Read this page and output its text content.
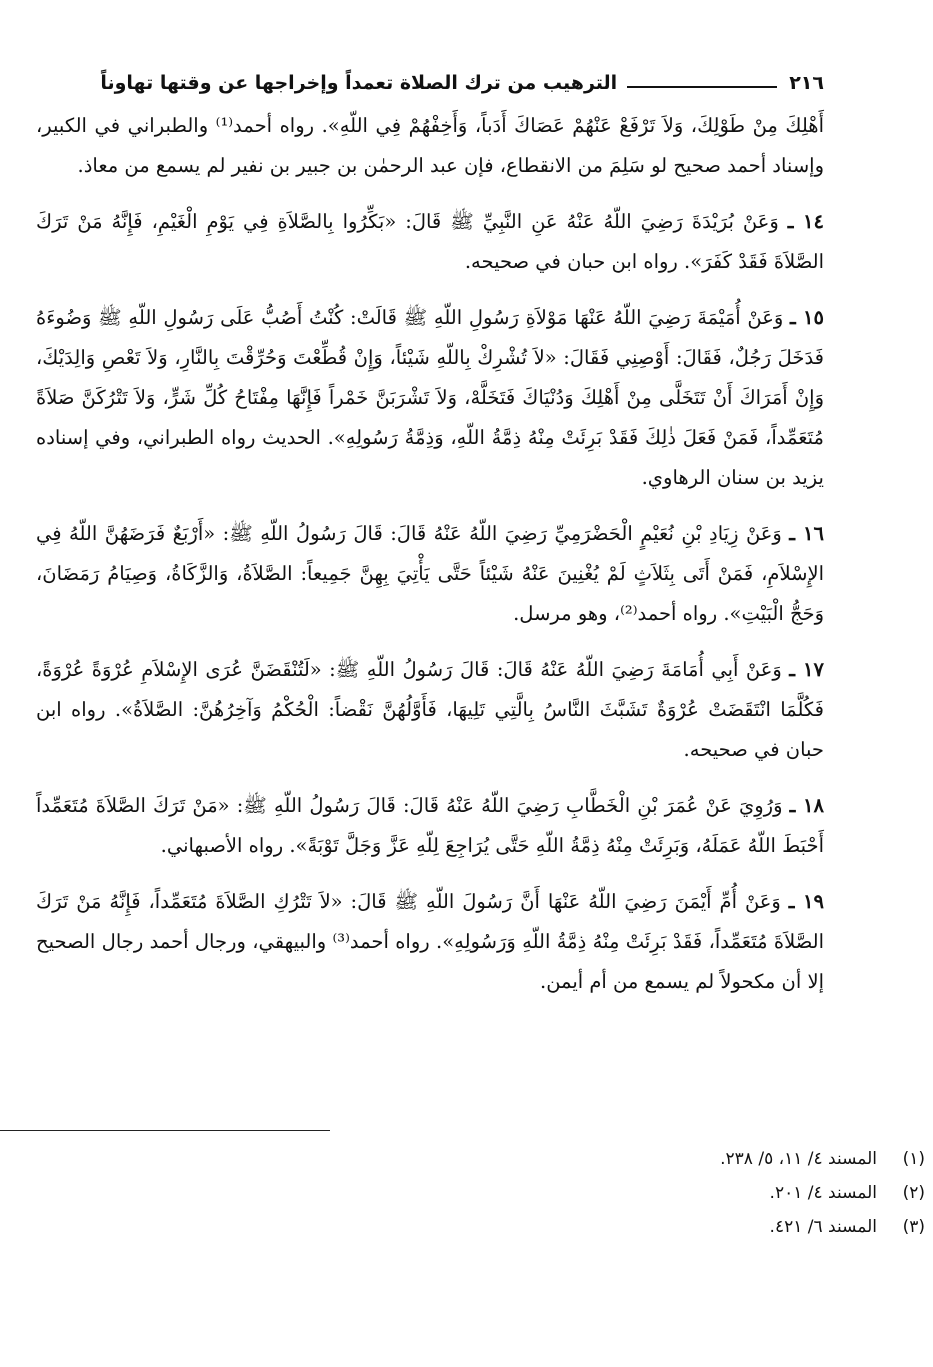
٢١٦
الترهيب من ترك الصلاة تعمداً وإخراجها عن وقتها تهاوناً

أَهْلِكَ مِنْ طَوْلِكَ، وَلاَ تَرْفَعْ عَنْهُمْ عَصَاكَ أَدَباً، وَأَخِفْهُمْ فِي اللّهِ». رواه أحمد⁽¹⁾ والطبراني في الكبير، وإسناد أحمد صحيح لو سَلِمَ من الانقطاع، فإن عبد الرحمٰن بن جبير بن نفير لم يسمع من معاذ.

١٤ ـ وَعَنْ بُرَيْدَةَ رَضِيَ اللّهُ عَنْهُ عَنِ النَّبِيِّ ﷺ قَالَ: «بَكِّرُوا بِالصَّلاَةِ فِي يَوْمِ الْغَيْمِ، فَإِنَّهُ مَنْ تَرَكَ الصَّلاَةَ فَقَدْ كَفَرَ». رواه ابن حبان في صحيحه.

١٥ ـ وَعَنْ أُمَيْمَةَ رَضِيَ اللّهُ عَنْهَا مَوْلاَةِ رَسُولِ اللّهِ ﷺ قَالَتْ: كُنْتُ أَصُبُّ عَلَى رَسُولِ اللّهِ ﷺ وَضُوءَهُ فَدَخَلَ رَجُلٌ، فَقَالَ: أَوْصِنِي فَقَالَ: «لاَ تُشْرِكْ بِاللّهِ شَيْئاً، وَإِنْ قُطِّعْتَ وَحُرِّقْتَ بِالنَّارِ، وَلاَ تَعْصِ وَالِدَيْكَ، وَإِنْ أَمَرَاكَ أَنْ تَتَخَلَّى مِنْ أَهْلِكَ وَدُنْيَاكَ فَتَخَلَّهْ، وَلاَ تَشْرَبَنَّ خَمْراً فَإِنَّهَا مِفْتَاحُ كُلِّ شَرٍّ، وَلاَ تَتْرُكَنَّ صَلاَةً مُتَعَمِّداً، فَمَنْ فَعَلَ ذٰلِكَ فَقَدْ بَرِئَتْ مِنْهُ ذِمَّةُ اللّهِ، وَذِمَّةُ رَسُولِهِ». الحديث رواه الطبراني، وفي إسناده يزيد بن سنان الرهاوي.

١٦ ـ وَعَنْ زِيَادِ بْنِ نُعَيْمٍ الْحَضْرَمِيِّ رَضِيَ اللّهُ عَنْهُ قَالَ: قَالَ رَسُولُ اللّهِ ﷺ: «أَرْبَعٌ فَرَضَهُنَّ اللّهُ فِي الإِسْلاَمِ، فَمَنْ أَتَى بِثَلاَثٍ لَمْ يُغْنِينَ عَنْهُ شَيْئاً حَتَّى يَأْتِيَ بِهِنَّ جَمِيعاً: الصَّلاَةُ، وَالزَّكَاةُ، وَصِيَامُ رَمَضَانَ، وَحَجُّ الْبَيْتِ». رواه أحمد⁽²⁾، وهو مرسل.

١٧ ـ وَعَنْ أَبِي أُمَامَةَ رَضِيَ اللّهُ عَنْهُ قَالَ: قَالَ رَسُولُ اللّهِ ﷺ: «لَتُنْقَضَنَّ عُرَى الإِسْلاَمِ عُرْوَةً عُرْوَةً، فَكُلَّمَا انْتَقَضَتْ عُرْوَةٌ تَشَبَّثَ النَّاسُ بِالَّتِي تَلِيهَا، فَأَوَّلُهُنَّ نَقْضاً: الْحُكْمُ وَآخِرُهُنَّ: الصَّلاَةُ». رواه ابن حبان في صحيحه.

١٨ ـ وَرُوِيَ عَنْ عُمَرَ بْنِ الْخَطَّابِ رَضِيَ اللّهُ عَنْهُ قَالَ: قَالَ رَسُولُ اللّهِ ﷺ: «مَنْ تَرَكَ الصَّلاَةَ مُتَعَمِّداً أَحْبَطَ اللّهُ عَمَلَهُ، وَبَرِئَتْ مِنْهُ ذِمَّةُ اللّهِ حَتَّى يُرَاجِعَ لِلّهِ عَزَّ وَجَلَّ تَوْبَةً». رواه الأصبهاني.

١٩ ـ وَعَنْ أُمِّ أَيْمَنَ رَضِيَ اللّهُ عَنْهَا أَنَّ رَسُولَ اللّهِ ﷺ قَالَ: «لاَ تَتْرُكِ الصَّلاَةَ مُتَعَمِّداً، فَإِنَّهُ مَنْ تَرَكَ الصَّلاَةَ مُتَعَمِّداً، فَقَدْ بَرِئَتْ مِنْهُ ذِمَّةُ اللّهِ وَرَسُولِهِ». رواه أحمد⁽³⁾ والبيهقي، ورجال أحمد رجال الصحيح إلا أن مكحولاً لم يسمع من أم أيمن.

(١)
المسند ٤/ ١١، ٥/ ٢٣٨.
(٢)
المسند ٤/ ٢٠١.
(٣)
المسند ٦/ ٤٢١.
